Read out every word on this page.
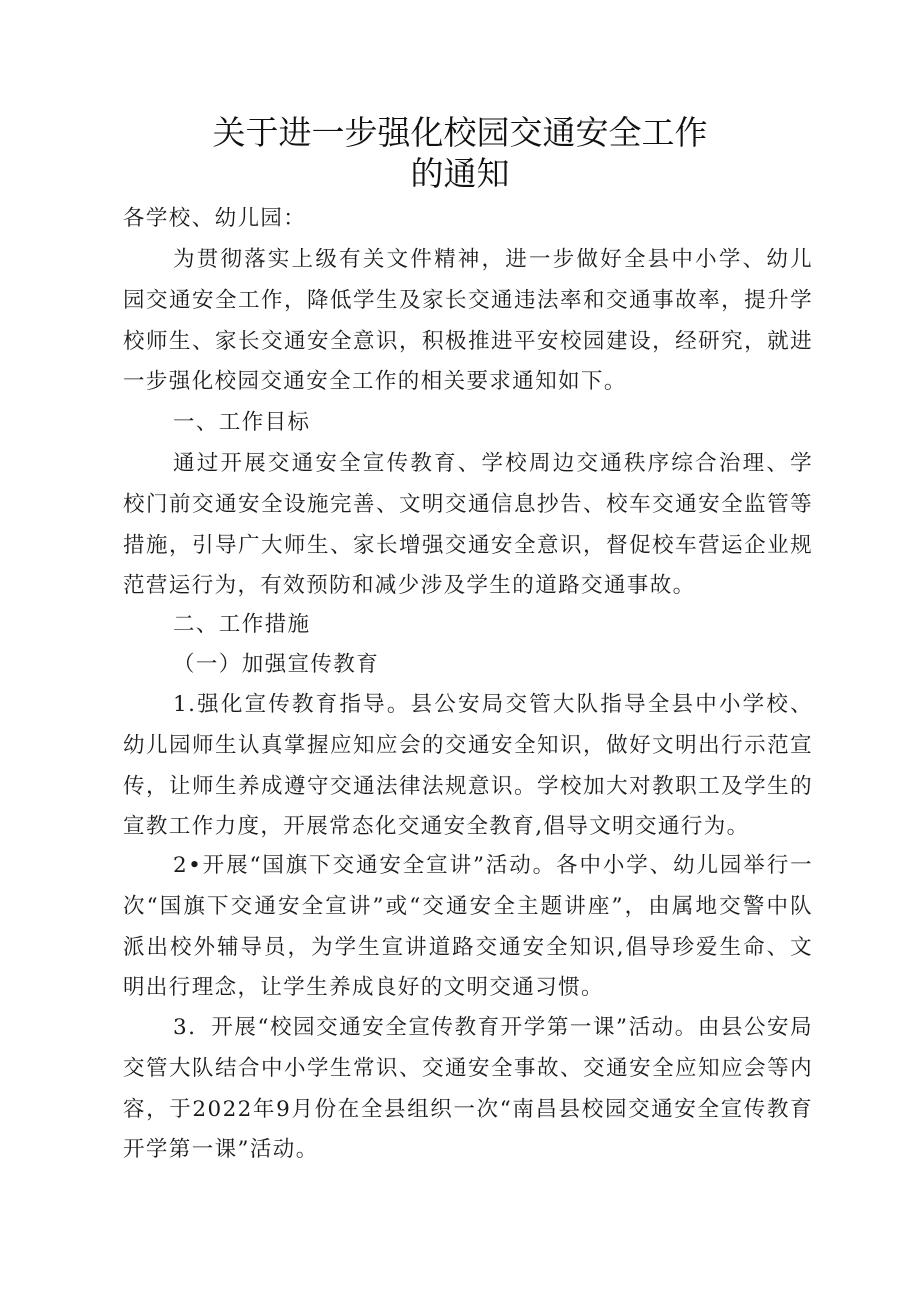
关于进一步强化校园交通安全工作
的通知

各学校、幼儿园：

为贯彻落实上级有关文件精神，进一步做好全县中小学、幼儿园交通安全工作，降低学生及家长交通违法率和交通事故率，提升学校师生、家长交通安全意识，积极推进平安校园建设，经研究，就进一步强化校园交通安全工作的相关要求通知如下。

一、工作目标

通过开展交通安全宣传教育、学校周边交通秩序综合治理、学校门前交通安全设施完善、文明交通信息抄告、校车交通安全监管等措施，引导广大师生、家长增强交通安全意识，督促校车营运企业规范营运行为，有效预防和减少涉及学生的道路交通事故。

二、工作措施

（一）加强宣传教育

1.强化宣传教育指导。县公安局交管大队指导全县中小学校、幼儿园师生认真掌握应知应会的交通安全知识，做好文明出行示范宣传，让师生养成遵守交通法律法规意识。学校加大对教职工及学生的宣教工作力度，开展常态化交通安全教育,倡导文明交通行为。

2•开展“国旗下交通安全宣讲”活动。各中小学、幼儿园举行一次“国旗下交通安全宣讲”或“交通安全主题讲座”，由属地交警中队派出校外辅导员，为学生宣讲道路交通安全知识,倡导珍爱生命、文明出行理念，让学生养成良好的文明交通习惯。

3．开展“校园交通安全宣传教育开学第一课”活动。由县公安局交管大队结合中小学生常识、交通安全事故、交通安全应知应会等内容，于2022年9月份在全县组织一次“南昌县校园交通安全宣传教育开学第一课”活动。
